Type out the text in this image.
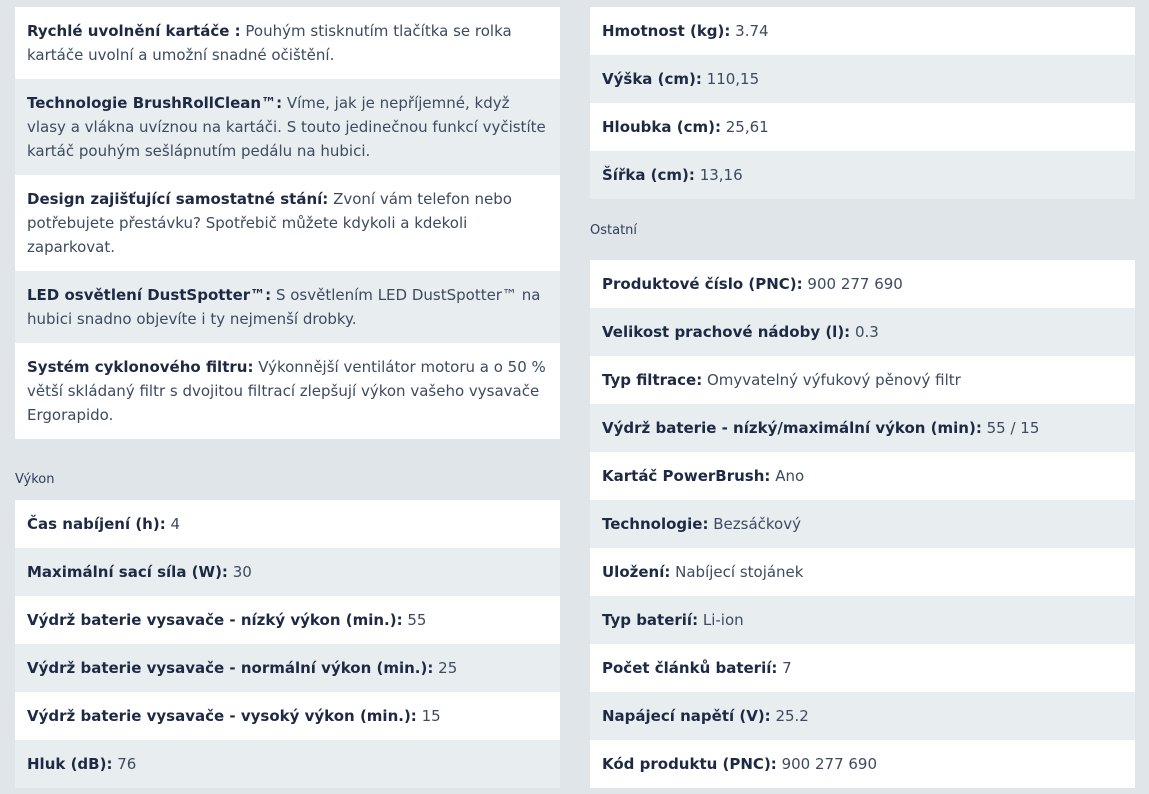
Rychlé uvolnění kartáče : Pouhým stisknutím tlačítka se rolka kartáče uvolní a umožní snadné očištění.
Technologie BrushRollClean™: Víme, jak je nepříjemné, když vlasy a vlákna uvíznou na kartáči. S touto jedinečnou funkcí vyčistíte kartáč pouhým sešlápnutím pedálu na hubici.
Design zajišťující samostatné stání: Zvoní vám telefon nebo potřebujete přestávku? Spotřebič můžete kdykoli a kdekoli zaparkovat.
LED osvětlení DustSpotter™: S osvětlením LED DustSpotter™ na hubici snadno objevíte i ty nejmenší drobky.
Systém cyklonového filtru: Výkonnější ventilátor motoru a o 50 % větší skládaný filtr s dvojitou filtrací zlepšují výkon vašeho vysavače Ergorapido.
Výkon
Čas nabíjení (h): 4
Maximální sací síla (W): 30
Výdrž baterie vysavače - nízký výkon (min.): 55
Výdrž baterie vysavače - normální výkon (min.): 25
Výdrž baterie vysavače - vysoký výkon (min.): 15
Hluk (dB): 76
Hmotnost (kg): 3.74
Výška (cm): 110,15
Hloubka (cm): 25,61
Šířka (cm): 13,16
Ostatní
Produktové číslo (PNC): 900 277 690
Velikost prachové nádoby (l): 0.3
Typ filtrace: Omyvatelný výfukový pěnový filtr
Výdrž baterie - nízký/maximální výkon (min): 55 / 15
Kartáč PowerBrush: Ano
Technologie: Bezsáčkový
Uložení: Nabíjecí stojánek
Typ baterií: Li-ion
Počet článků baterií: 7
Napájecí napětí (V): 25.2
Kód produktu (PNC): 900 277 690
